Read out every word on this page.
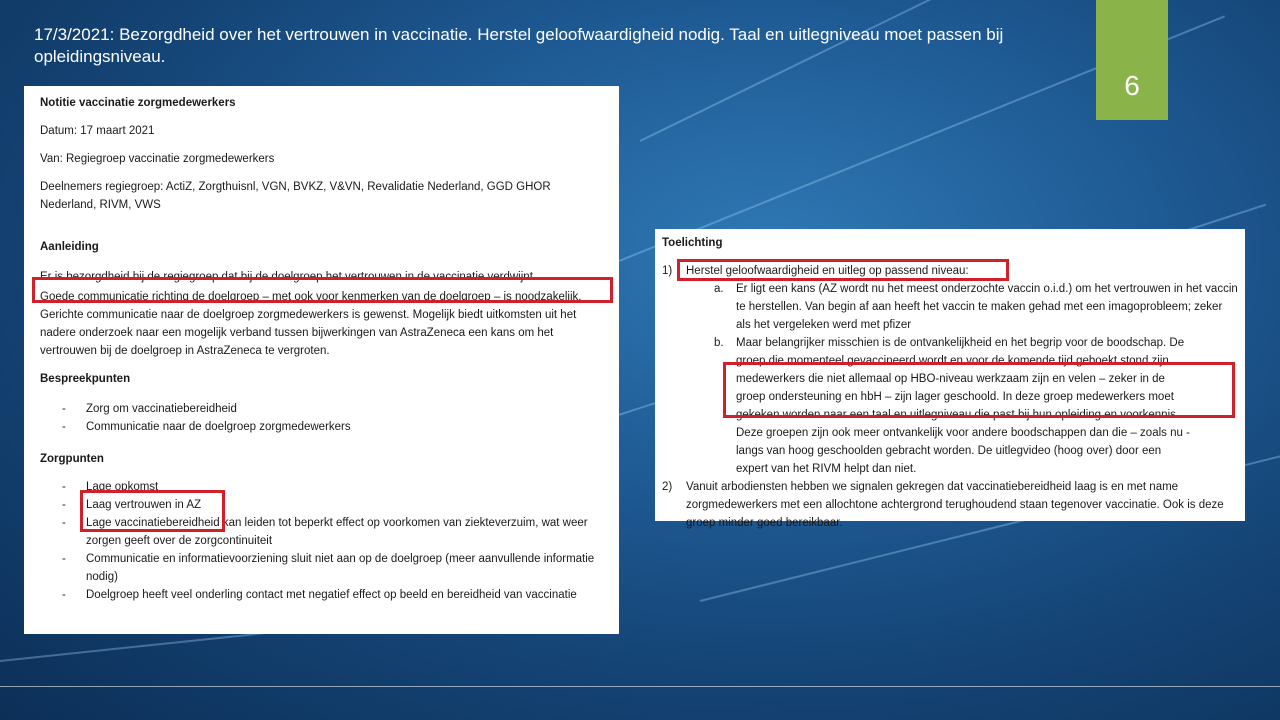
17/3/2021: Bezorgdheid over het vertrouwen in vaccinatie. Herstel geloofwaardigheid nodig. Taal en uitlegniveau moet passen bij opleidingsniveau.
6

Notitie vaccinatie zorgmedewerkers

Datum: 17 maart 2021

Van: Regiegroep vaccinatie zorgmedewerkers

Deelnemers regiegroep: ActiZ, Zorgthuisnl, VGN, BVKZ, V&VN, Revalidatie Nederland, GGD GHOR Nederland, RIVM, VWS

Aanleiding

Er is bezorgdheid bij de regiegroep dat bij de doelgroep het vertrouwen in de vaccinatie verdwijnt.

Goede communicatie richting de doelgroep – met ook voor kenmerken van de doelgroep – is noodzakelijk. Gerichte communicatie naar de doelgroep zorgmedewerkers is gewenst. Mogelijk biedt uitkomsten uit het nadere onderzoek naar een mogelijk verband tussen bijwerkingen van AstraZeneca een kans om het vertrouwen bij de doelgroep in AstraZeneca te vergroten.

Bespreekpunten

- Zorg om vaccinatiebereidheid
- Communicatie naar de doelgroep zorgmedewerkers

Zorgpunten

- Lage opkomst
- Laag vertrouwen in AZ
- Lage vaccinatiebereidheid kan leiden tot beperkt effect op voorkomen van ziekteverzuim, wat weer zorgen geeft over de zorgcontinuiteit
- Communicatie en informatievoorziening sluit niet aan op de doelgroep (meer aanvullende informatie nodig)
- Doelgroep heeft veel onderling contact met negatief effect op beeld en bereidheid van vaccinatie

Toelichting

1) Herstel geloofwaardigheid en uitleg op passend niveau:
a. Er ligt een kans (AZ wordt nu het meest onderzochte vaccin o.i.d.) om het vertrouwen in het vaccin te herstellen. Van begin af aan heeft het vaccin te maken gehad met een imagoprobleem; zeker als het vergeleken werd met pfizer
b. Maar belangrijker misschien is de ontvankelijkheid en het begrip voor de boodschap. De
groep die momenteel gevaccineerd wordt en voor de komende tijd geboekt stond zijn
medewerkers die niet allemaal op HBO-niveau werkzaam zijn en velen – zeker in de
groep ondersteuning en hbH – zijn lager geschoold. In deze groep medewerkers moet
gekeken worden naar een taal en uitlegniveau die past bij hun opleiding en voorkennis.
Deze groepen zijn ook meer ontvankelijk voor andere boodschappen dan die – zoals nu -
langs van hoog geschoolden gebracht worden. De uitlegvideo (hoog over) door een
expert van het RIVM helpt dan niet.
2) Vanuit arbodiensten hebben we signalen gekregen dat vaccinatiebereidheid laag is en met name zorgmedewerkers met een allochtone achtergrond terughoudend staan tegenover vaccinatie. Ook is deze groep minder goed bereikbaar.
